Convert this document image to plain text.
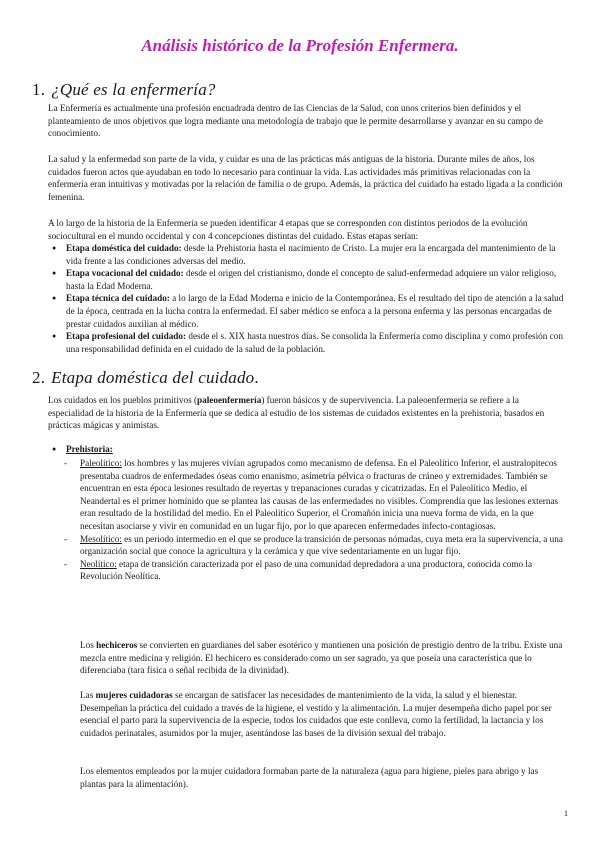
Análisis histórico de la Profesión Enfermera.
1. ¿Qué es la enfermería?

La Enfermería es actualmente una profesión encuadrada dentro de las Ciencias de la Salud, con unos criterios bien definidos y el planteamiento de unos objetivos que logra mediante una metodología de trabajo que le permite desarrollarse y avanzar en su campo de conocimiento.

La salud y la enfermedad son parte de la vida, y cuidar es una de las prácticas más antiguas de la historia. Durante miles de años, los cuidados fueron actos que ayudaban en todo lo necesario para continuar la vida. Las actividades más primitivas relacionadas con la enfermería eran intuitivas y motivadas por la relación de familia o de grupo. Además, la práctica del cuidado ha estado ligada a la condición femenina.

A lo largo de la historia de la Enfermería se pueden identificar 4 etapas que se corresponden con distintos periodos de la evolución sociocultural en el mundo occidental y con 4 concepciones distintas del cuidado. Estas etapas serían:

● Etapa doméstica del cuidado: desde la Prehistoria hasta el nacimiento de Cristo. La mujer era la encargada del mantenimiento de la vida frente a las condiciones adversas del medio.
● Etapa vocacional del cuidado: desde el origen del cristianismo, donde el concepto de salud-enfermedad adquiere un valor religioso, hasta la Edad Moderna.
● Etapa técnica del cuidado: a lo largo de la Edad Moderna e inicio de la Contemporánea. Es el resultado del tipo de atención a la salud de la época, centrada en la lucha contra la enfermedad. El saber médico se enfoca a la persona enferma y las personas encargadas de prestar cuidados auxilian al médico.
● Etapa profesional del cuidado: desde el s. XIX hasta nuestros días. Se consolida la Enfermería como disciplina y como profesión con una responsabilidad definida en el cuidado de la salud de la población.
2. Etapa doméstica del cuidado.

Los cuidados en los pueblos primitivos (paleoenfermería) fueron básicos y de supervivencia. La paleoenfermería se refiere a la especialidad de la historia de la Enfermería que se dedica al estudio de los sistemas de cuidados existentes en la prehistoria, basados en prácticas mágicas y animistas.

● Prehistoria:
- Paleolítico: los hombres y las mujeres vivían agrupados como mecanismo de defensa. En el Paleolítico Inferior, el australopitecos presentaba cuadros de enfermedades óseas como enanismo, asimetría pélvica o fracturas de cráneo y extremidades. También se encuentran en esta época lesiones resultado de reyertas y trepanaciones curadas y cicatrizadas. En el Paleolítico Medio, el Neandertal es el primer homínido que se plantea las causas de las enfermedades no visibles. Comprendía que las lesiones externas eran resultado de la hostilidad del medio. En el Paleolítico Superior, el Cromañón inicia una nueva forma de vida, en la que necesitan asociarse y vivir en comunidad en un lugar fijo, por lo que aparecen enfermedades infecto-contagiosas.
- Mesolítico: es un periodo intermedio en el que se produce la transición de personas nómadas, cuya meta era la supervivencia, a una organización social que conoce la agricultura y la cerámica y que vive sedentariamente en un lugar fijo.
- Neolítico: etapa de transición caracterizada por el paso de una comunidad depredadora a una productora, conocida como la Revolución Neolítica.

Los hechiceros se convierten en guardianes del saber esotérico y mantienen una posición de prestigio dentro de la tribu. Existe una mezcla entre medicina y religión. El hechicero es considerado como un ser sagrado, ya que poseía una característica que lo diferenciaba (tara física o señal recibida de la divinidad).

Las mujeres cuidadoras se encargan de satisfacer las necesidades de mantenimiento de la vida, la salud y el bienestar. Desempeñan la práctica del cuidado a través de la higiene, el vestido y la alimentación. La mujer desempeña dicho papel por ser esencial el parto para la supervivencia de la especie, todos los cuidados que este conlleva, como la fertilidad, la lactancia y los cuidados perinatales, asumidos por la mujer, asentándose las bases de la división sexual del trabajo.

Los elementos empleados por la mujer cuidadora formaban parte de la naturaleza (agua para higiene, pieles para abrigo y las plantas para la alimentación).

1
